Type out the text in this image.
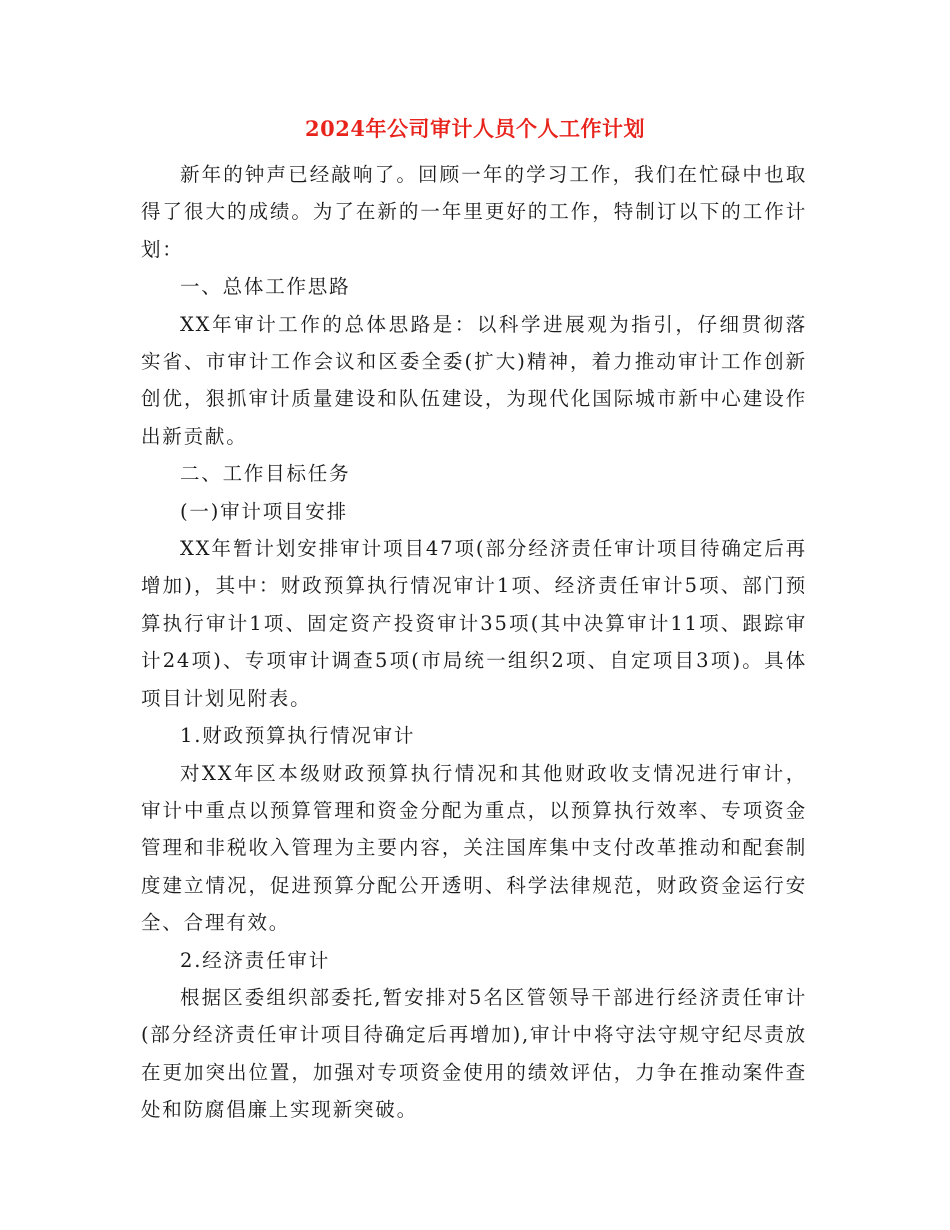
2024年公司审计人员个人工作计划

新年的钟声已经敲响了。回顾一年的学习工作，我们在忙碌中也取得了很大的成绩。为了在新的一年里更好的工作，特制订以下的工作计划：

一、总体工作思路

XX年审计工作的总体思路是：以科学进展观为指引，仔细贯彻落实省、市审计工作会议和区委全委(扩大)精神，着力推动审计工作创新创优，狠抓审计质量建设和队伍建设，为现代化国际城市新中心建设作出新贡献。

二、工作目标任务

(一)审计项目安排

XX年暂计划安排审计项目47项(部分经济责任审计项目待确定后再增加)，其中：财政预算执行情况审计1项、经济责任审计5项、部门预算执行审计1项、固定资产投资审计35项(其中决算审计11项、跟踪审计24项)、专项审计调查5项(市局统一组织2项、自定项目3项)。具体项目计划见附表。

1.财政预算执行情况审计

对XX年区本级财政预算执行情况和其他财政收支情况进行审计，审计中重点以预算管理和资金分配为重点，以预算执行效率、专项资金管理和非税收入管理为主要内容，关注国库集中支付改革推动和配套制度建立情况，促进预算分配公开透明、科学法律规范，财政资金运行安全、合理有效。

2.经济责任审计

根据区委组织部委托,暂安排对5名区管领导干部进行经济责任审计(部分经济责任审计项目待确定后再增加),审计中将守法守规守纪尽责放在更加突出位置，加强对专项资金使用的绩效评估，力争在推动案件查处和防腐倡廉上实现新突破。
